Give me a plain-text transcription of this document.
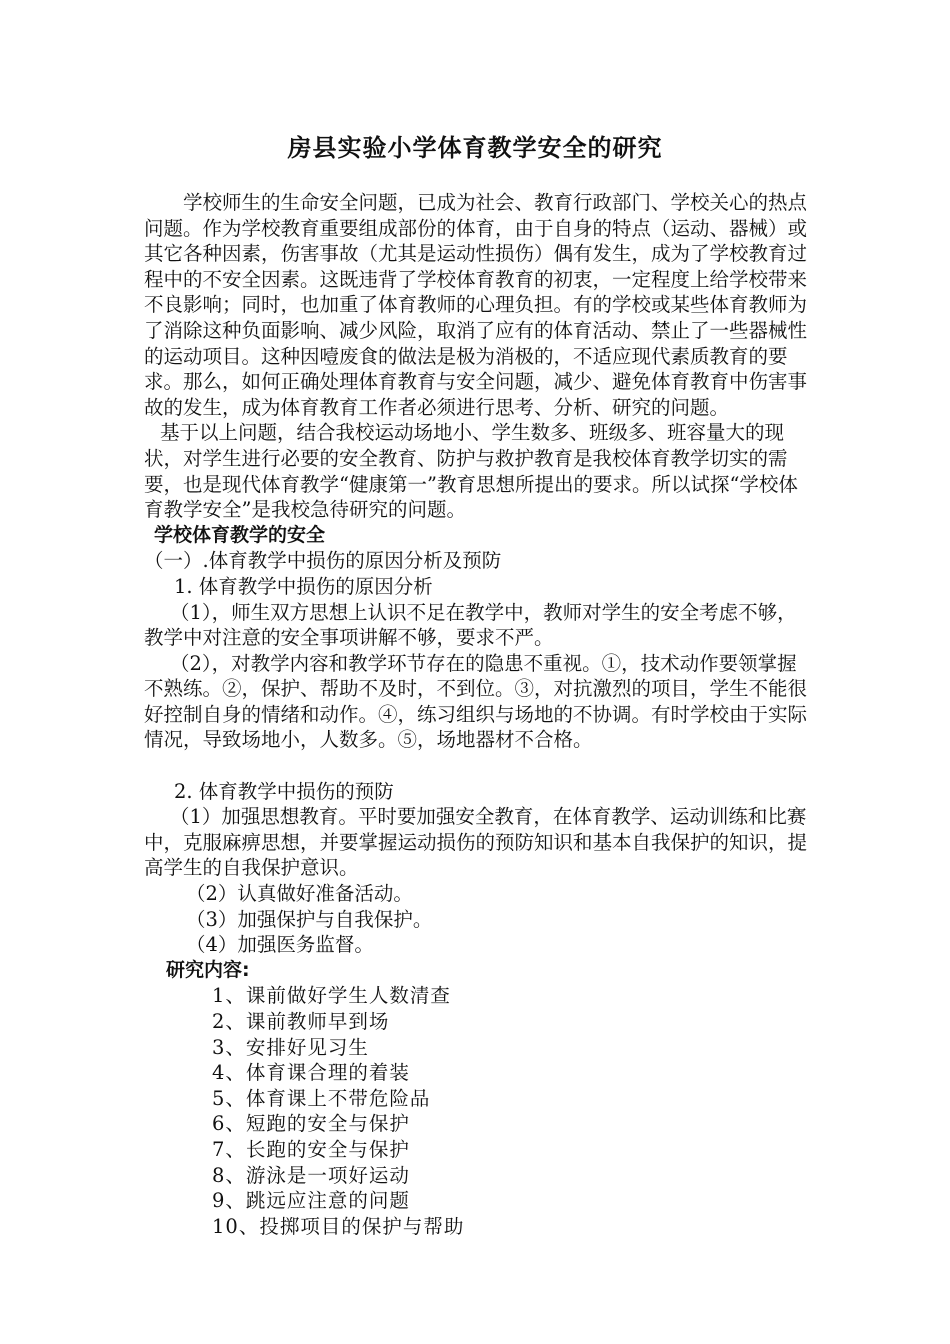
房县实验小学体育教学安全的研究

学校师生的生命安全问题，已成为社会、教育行政部门、学校关心的热点问题。作为学校教育重要组成部份的体育，由于自身的特点（运动、器械）或其它各种因素，伤害事故（尤其是运动性损伤）偶有发生，成为了学校教育过程中的不安全因素。这既违背了学校体育教育的初衷，一定程度上给学校带来不良影响；同时，也加重了体育教师的心理负担。有的学校或某些体育教师为了消除这种负面影响、减少风险，取消了应有的体育活动、禁止了一些器械性的运动项目。这种因噎废食的做法是极为消极的，不适应现代素质教育的要求。那么，如何正确处理体育教育与安全问题，减少、避免体育教育中伤害事故的发生，成为体育教育工作者必须进行思考、分析、研究的问题。

基于以上问题，结合我校运动场地小、学生数多、班级多、班容量大的现状，对学生进行必要的安全教育、防护与救护教育是我校体育教学切实的需要，也是现代体育教学“健康第一”教育思想所提出的要求。所以试探“学校体育教学安全”是我校急待研究的问题。

学校体育教学的安全

（一）.体育教学中损伤的原因分析及预防

1. 体育教学中损伤的原因分析

（1），师生双方思想上认识不足在教学中，教师对学生的安全考虑不够，教学中对注意的安全事项讲解不够，要求不严。

（2），对教学内容和教学环节存在的隐患不重视。①，技术动作要领掌握不熟练。②，保护、帮助不及时，不到位。③，对抗激烈的项目，学生不能很好控制自身的情绪和动作。④，练习组织与场地的不协调。有时学校由于实际情况，导致场地小，人数多。⑤，场地器材不合格。

2. 体育教学中损伤的预防

（1）加强思想教育。平时要加强安全教育，在体育教学、运动训练和比赛中，克服麻痹思想，并要掌握运动损伤的预防知识和基本自我保护的知识，提高学生的自我保护意识。

（2）认真做好准备活动。

（3）加强保护与自我保护。

（4）加强医务监督。

研究内容:

1、课前做好学生人数清查

2、课前教师早到场

3、安排好见习生

4、体育课合理的着装

5、体育课上不带危险品

6、短跑的安全与保护

7、长跑的安全与保护

8、游泳是一项好运动

9、跳远应注意的问题

10、投掷项目的保护与帮助
